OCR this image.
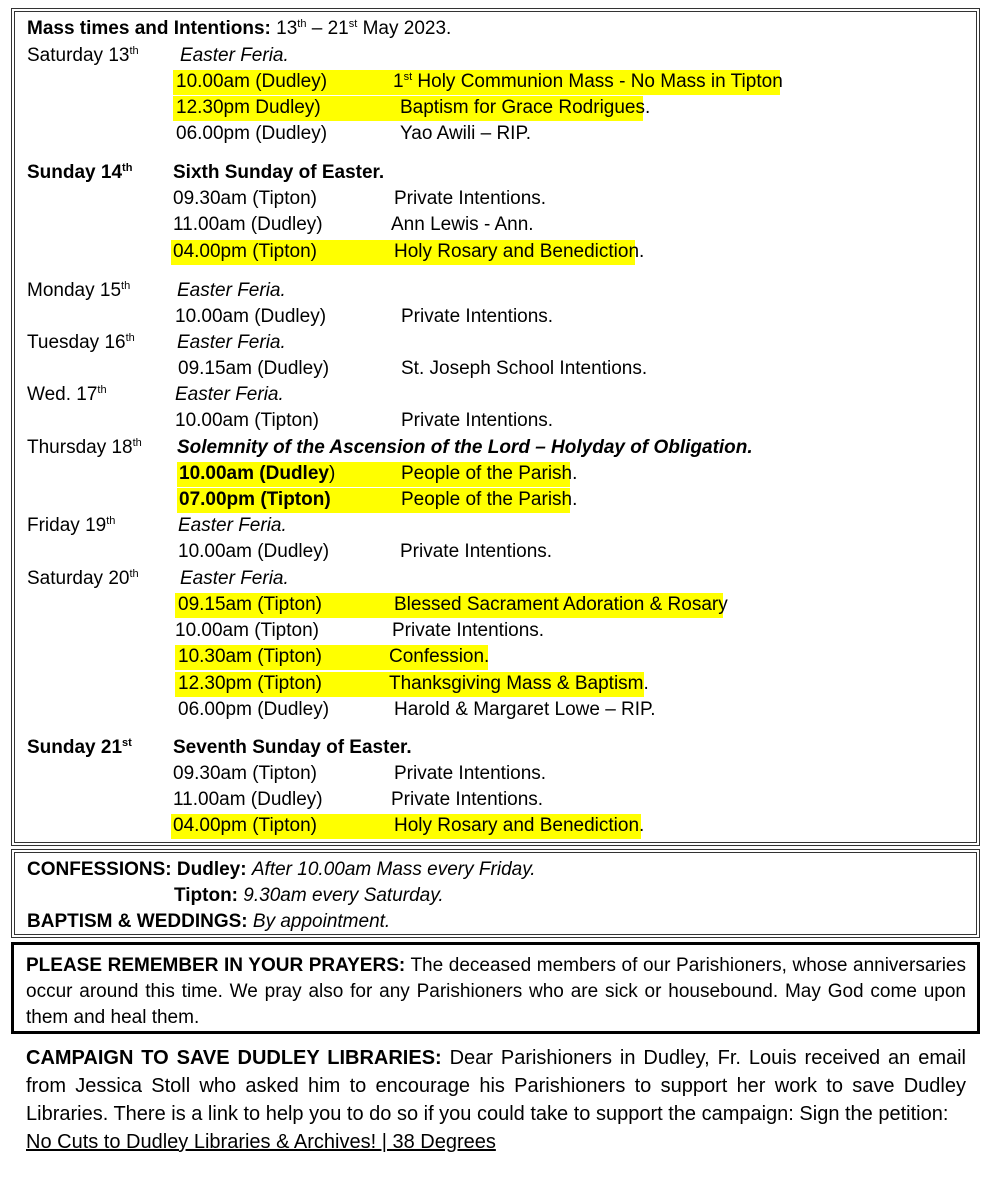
Mass times and Intentions: 13th – 21st May 2023.
Saturday 13th Easter Feria.
10.00am (Dudley)	1st Holy Communion Mass - No Mass in Tipton
12.30pm Dudley)	Baptism for Grace Rodrigues.
06.00pm (Dudley)	Yao Awili – RIP.
Sunday 14th Sixth Sunday of Easter.
09.30am (Tipton)	Private Intentions.
11.00am (Dudley)	Ann Lewis - Ann.
04.00pm (Tipton)	Holy Rosary and Benediction.
Monday 15th Easter Feria.
10.00am (Dudley)	Private Intentions.
Tuesday 16th Easter Feria.
09.15am (Dudley)	St. Joseph School Intentions.
Wed. 17th	Easter Feria.
10.00am (Tipton)	Private Intentions.
Thursday 18th Solemnity of the Ascension of the Lord – Holyday of Obligation.
10.00am (Dudley)	People of the Parish.
07.00pm (Tipton)	People of the Parish.
Friday 19th	Easter Feria.
10.00am (Dudley)	Private Intentions.
Saturday 20th Easter Feria.
09.15am (Tipton)	Blessed Sacrament Adoration & Rosary
10.00am (Tipton)	Private Intentions.
10.30am (Tipton)	Confession.
12.30pm (Tipton)	Thanksgiving Mass & Baptism.
06.00pm (Dudley)	Harold & Margaret Lowe – RIP.
Sunday 21st Seventh Sunday of Easter.
09.30am (Tipton)	Private Intentions.
11.00am (Dudley)	Private Intentions.
04.00pm (Tipton)	Holy Rosary and Benediction.
CONFESSIONS: Dudley: After 10.00am Mass every Friday.
Tipton: 9.30am every Saturday.
BAPTISM & WEDDINGS: By appointment.
PLEASE REMEMBER IN YOUR PRAYERS: The deceased members of our Parishioners, whose anniversaries occur around this time. We pray also for any Parishioners who are sick or housebound. May God come upon them and heal them.
CAMPAIGN TO SAVE DUDLEY LIBRARIES: Dear Parishioners in Dudley, Fr. Louis received an email from Jessica Stoll who asked him to encourage his Parishioners to support her work to save Dudley Libraries. There is a link to help you to do so if you could take to support the campaign: Sign the petition:
No Cuts to Dudley Libraries & Archives! | 38 Degrees
